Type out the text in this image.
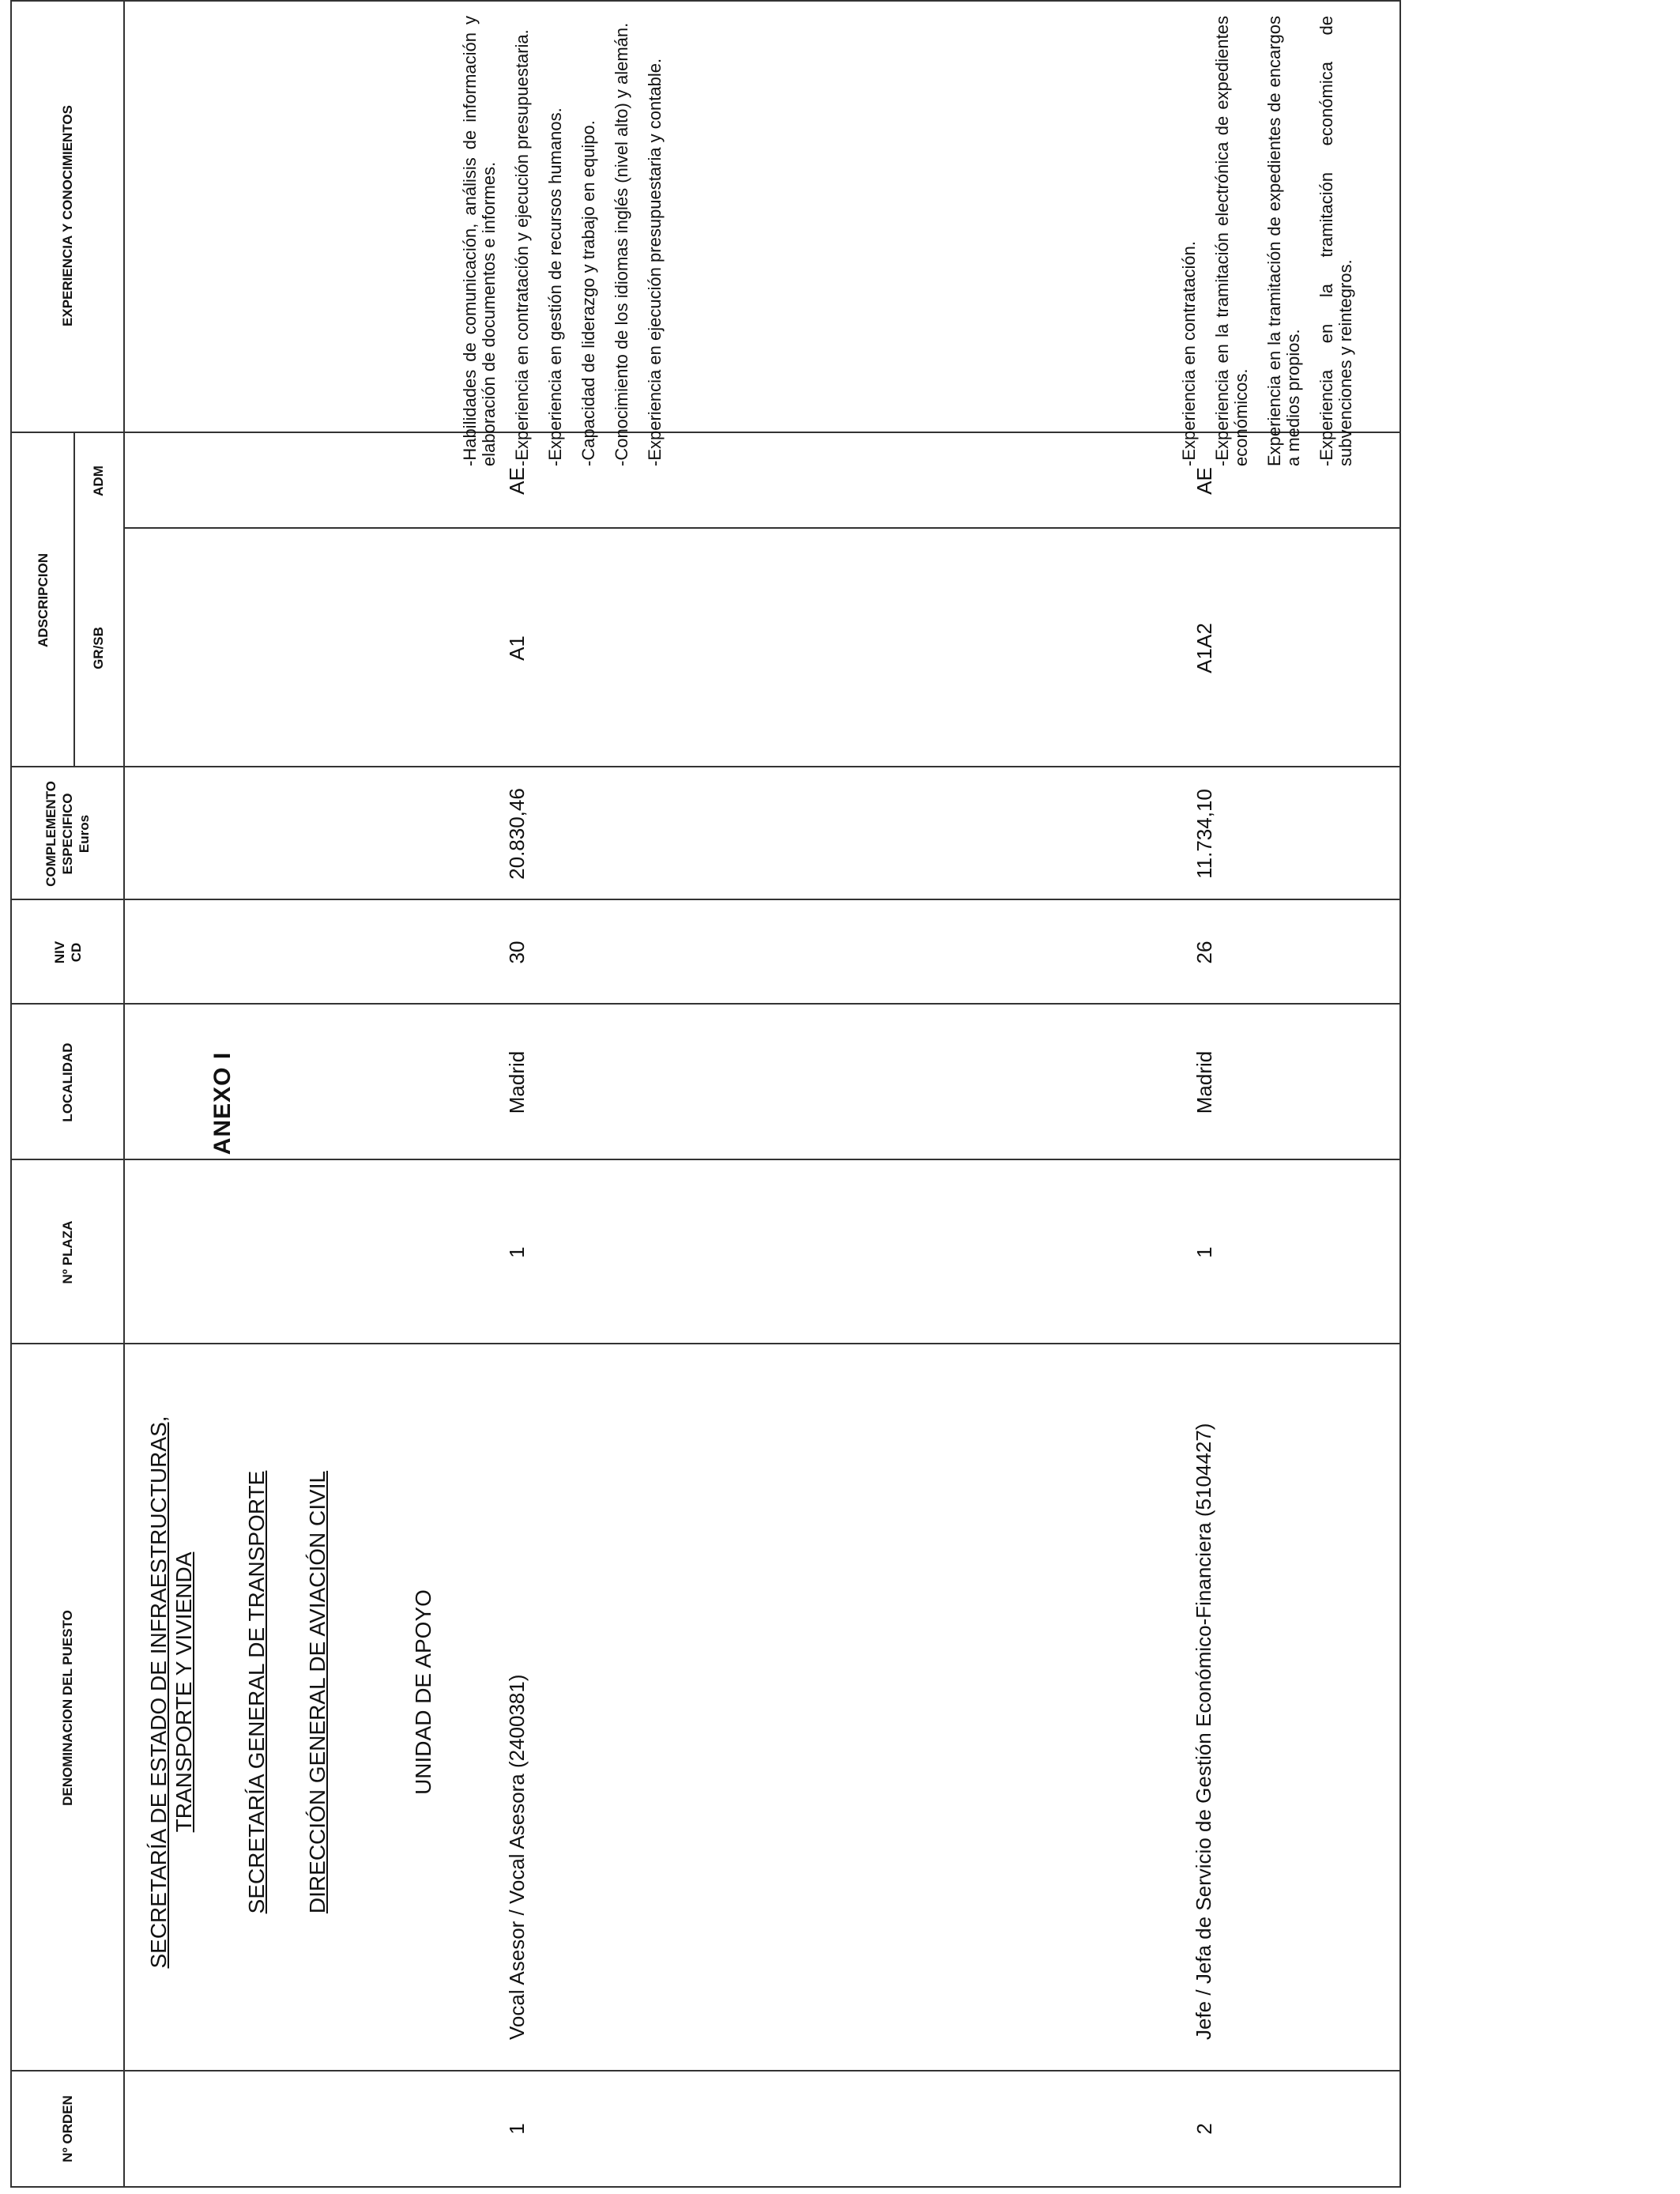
ANEXO I
Nº ORDEN
DENOMINACION DEL PUESTO
Nº PLAZA
LOCALIDAD
NIV CD
COMPLEMENTO ESPECIFICO Euros
ADSCRIPCION
GR/SB
ADM
EXPERIENCIA Y CONOCIMIENTOS
SECRETARÍA DE ESTADO DE INFRAESTRUCTURAS, TRANSPORTE Y VIVIENDA SECRETARÍA GENERAL DE TRANSPORTE DIRECCIÓN GENERAL DE AVIACIÓN CIVIL	UNIDAD DE APOYO
1
Vocal Asesor / Vocal Asesora (2400381)
1
Madrid
30
20.830,46
A1
AE
-Habilidades de comunicación, análisis de información y elaboración de documentos e informes. -Experiencia en contratación y ejecución presupuestaria. -Experiencia en gestión de recursos humanos. -Capacidad de liderazgo y trabajo en equipo. -Conocimiento de los idiomas inglés (nivel alto) y alemán. -Experiencia en ejecución presupuestaria y contable.
2
Jefe / Jefa de Servicio de Gestión Económico-Financiera (5104427)
1
Madrid
26
11.734,10
A1A2
AE
-Experiencia en contratación. -Experiencia en la tramitación electrónica de expedientes económicos. Experiencia en la tramitación de expedientes de encargos a medios propios. -Experiencia en la tramitación económica de subvenciones y reintegros.
